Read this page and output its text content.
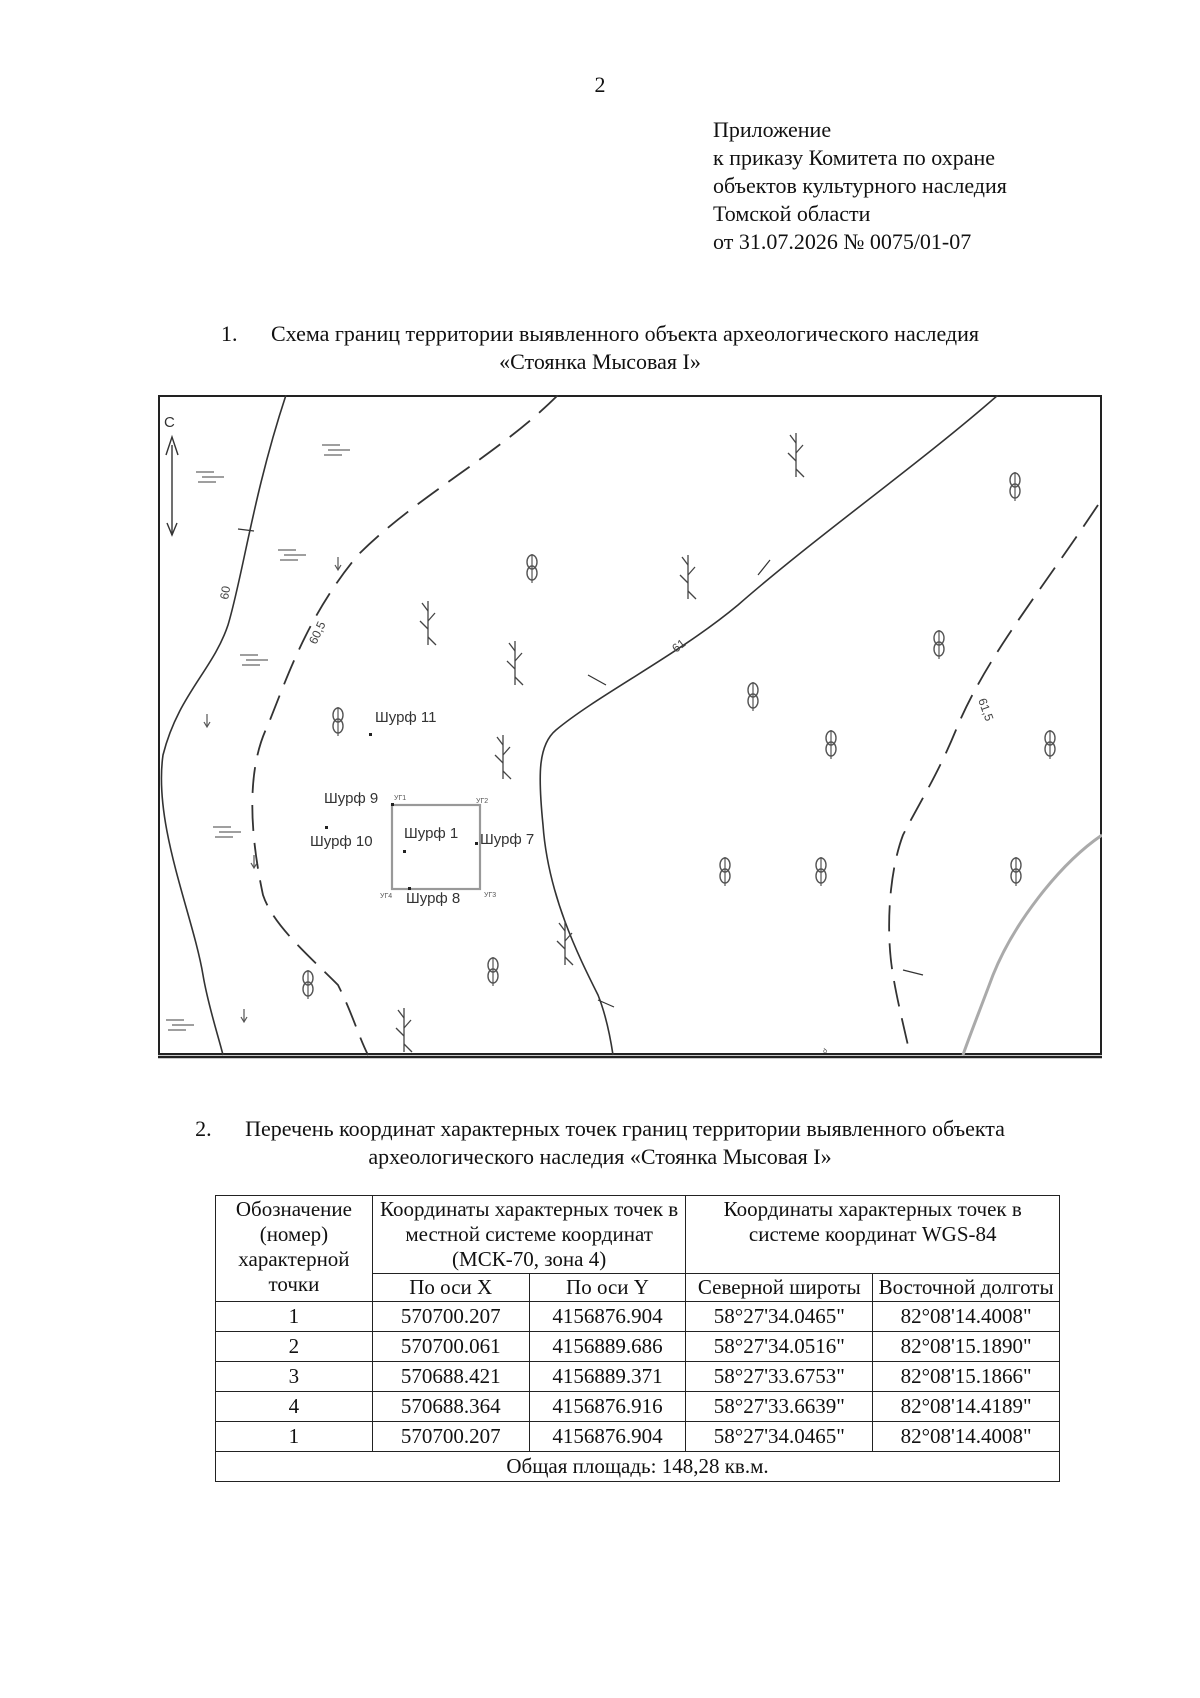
2
Приложение
к приказу Комитета по охране
объектов культурного наследия
Томской области
от 31.07.2026 № 0075/01-07
1. Схема границ территории выявленного объекта археологического наследия
«Стоянка Мысовая I»
С
60
60,5	61
61,5
УГ1	УГ2
УГ3
УГ4
Шурф 11
Шурф 9
Шурф 10 Шурф 1 Шурф 7
Шурф 8
ꝺ
2. Перечень координат характерных точек границ территории выявленного объекта
археологического наследия «Стоянка Мысовая I»
Обозначение (номер) характерной точки	Координаты характерных точек в местной системе координат (МСК-70, зона 4)		Координаты характерных точек в системе координат WGS-84	
	По оси X	По оси Y	Северной широты	Восточной долготы
1	570700.207	4156876.904	58°27'34.0465"	82°08'14.4008"
2	570700.061	4156889.686	58°27'34.0516"	82°08'15.1890"
3	570688.421	4156889.371	58°27'33.6753"	82°08'15.1866"
4	570688.364	4156876.916	58°27'33.6639"	82°08'14.4189"
1	570700.207	4156876.904	58°27'34.0465"	82°08'14.4008"
Общая площадь: 148,28 кв.м.				
